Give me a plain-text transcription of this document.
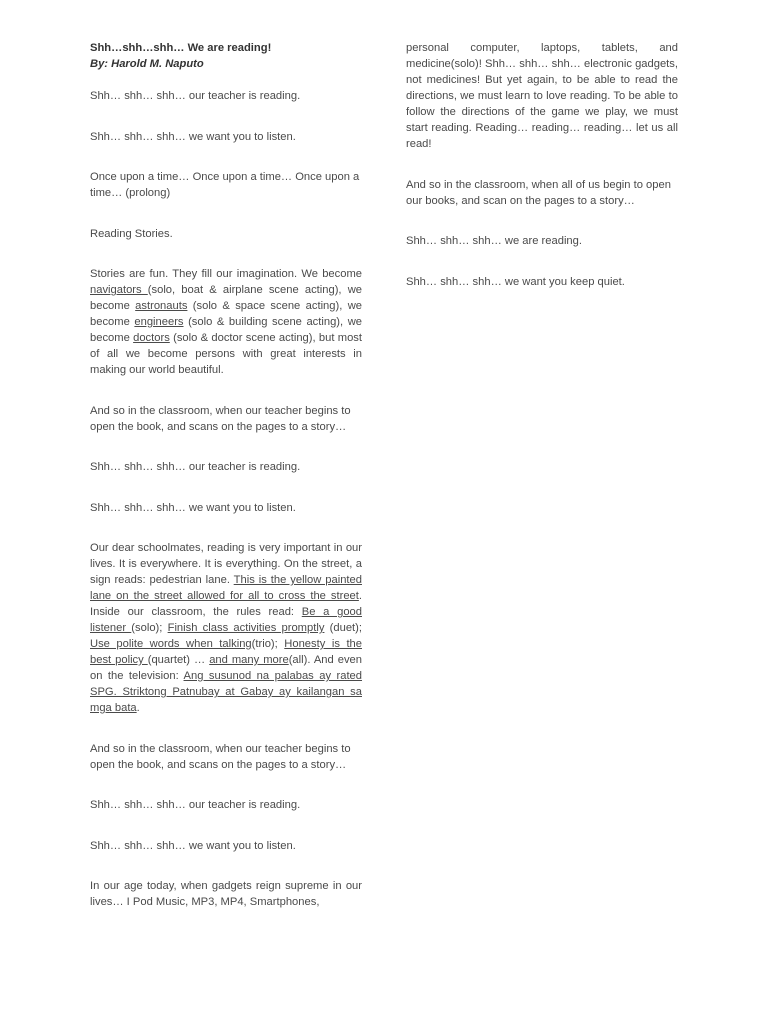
Shh…shh…shh… We are reading!
By: Harold M. Naputo

Shh… shh… shh… our teacher is reading.

Shh… shh… shh… we want you to listen.

Once upon a time… Once upon a time… Once upon a time… (prolong)

Reading Stories.

Stories are fun. They fill our imagination. We become navigators (solo, boat & airplane scene acting), we become astronauts (solo & space scene acting), we become engineers (solo & building scene acting), we become doctors (solo & doctor scene acting), but most of all we become persons with great interests in making our world beautiful.

And so in the classroom, when our teacher begins to open the book, and scans on the pages to a story…

Shh… shh… shh… our teacher is reading.

Shh… shh… shh… we want you to listen.

Our dear schoolmates, reading is very important in our lives. It is everywhere. It is everything. On the street, a sign reads: pedestrian lane. This is the yellow painted lane on the street allowed for all to cross the street. Inside our classroom, the rules read: Be a good listener (solo); Finish class activities promptly (duet); Use polite words when talking(trio); Honesty is the best policy (quartet) … and many more(all). And even on the television: Ang susunod na palabas ay rated SPG. Striktong Patnubay at Gabay ay kailangan sa mga bata.

And so in the classroom, when our teacher begins to open the book, and scans on the pages to a story…

Shh… shh… shh… our teacher is reading.

Shh… shh… shh… we want you to listen.

In our age today, when gadgets reign supreme in our lives… I Pod Music, MP3, MP4, Smartphones,

personal computer, laptops, tablets, and medicine(solo)! Shh… shh… shh… electronic gadgets, not medicines! But yet again, to be able to read the directions, we must learn to love reading. To be able to follow the directions of the game we play, we must start reading. Reading… reading… reading… let us all read!

And so in the classroom, when all of us begin to open our books, and scan on the pages to a story…

Shh… shh… shh… we are reading.

Shh… shh… shh… we want you keep quiet.
